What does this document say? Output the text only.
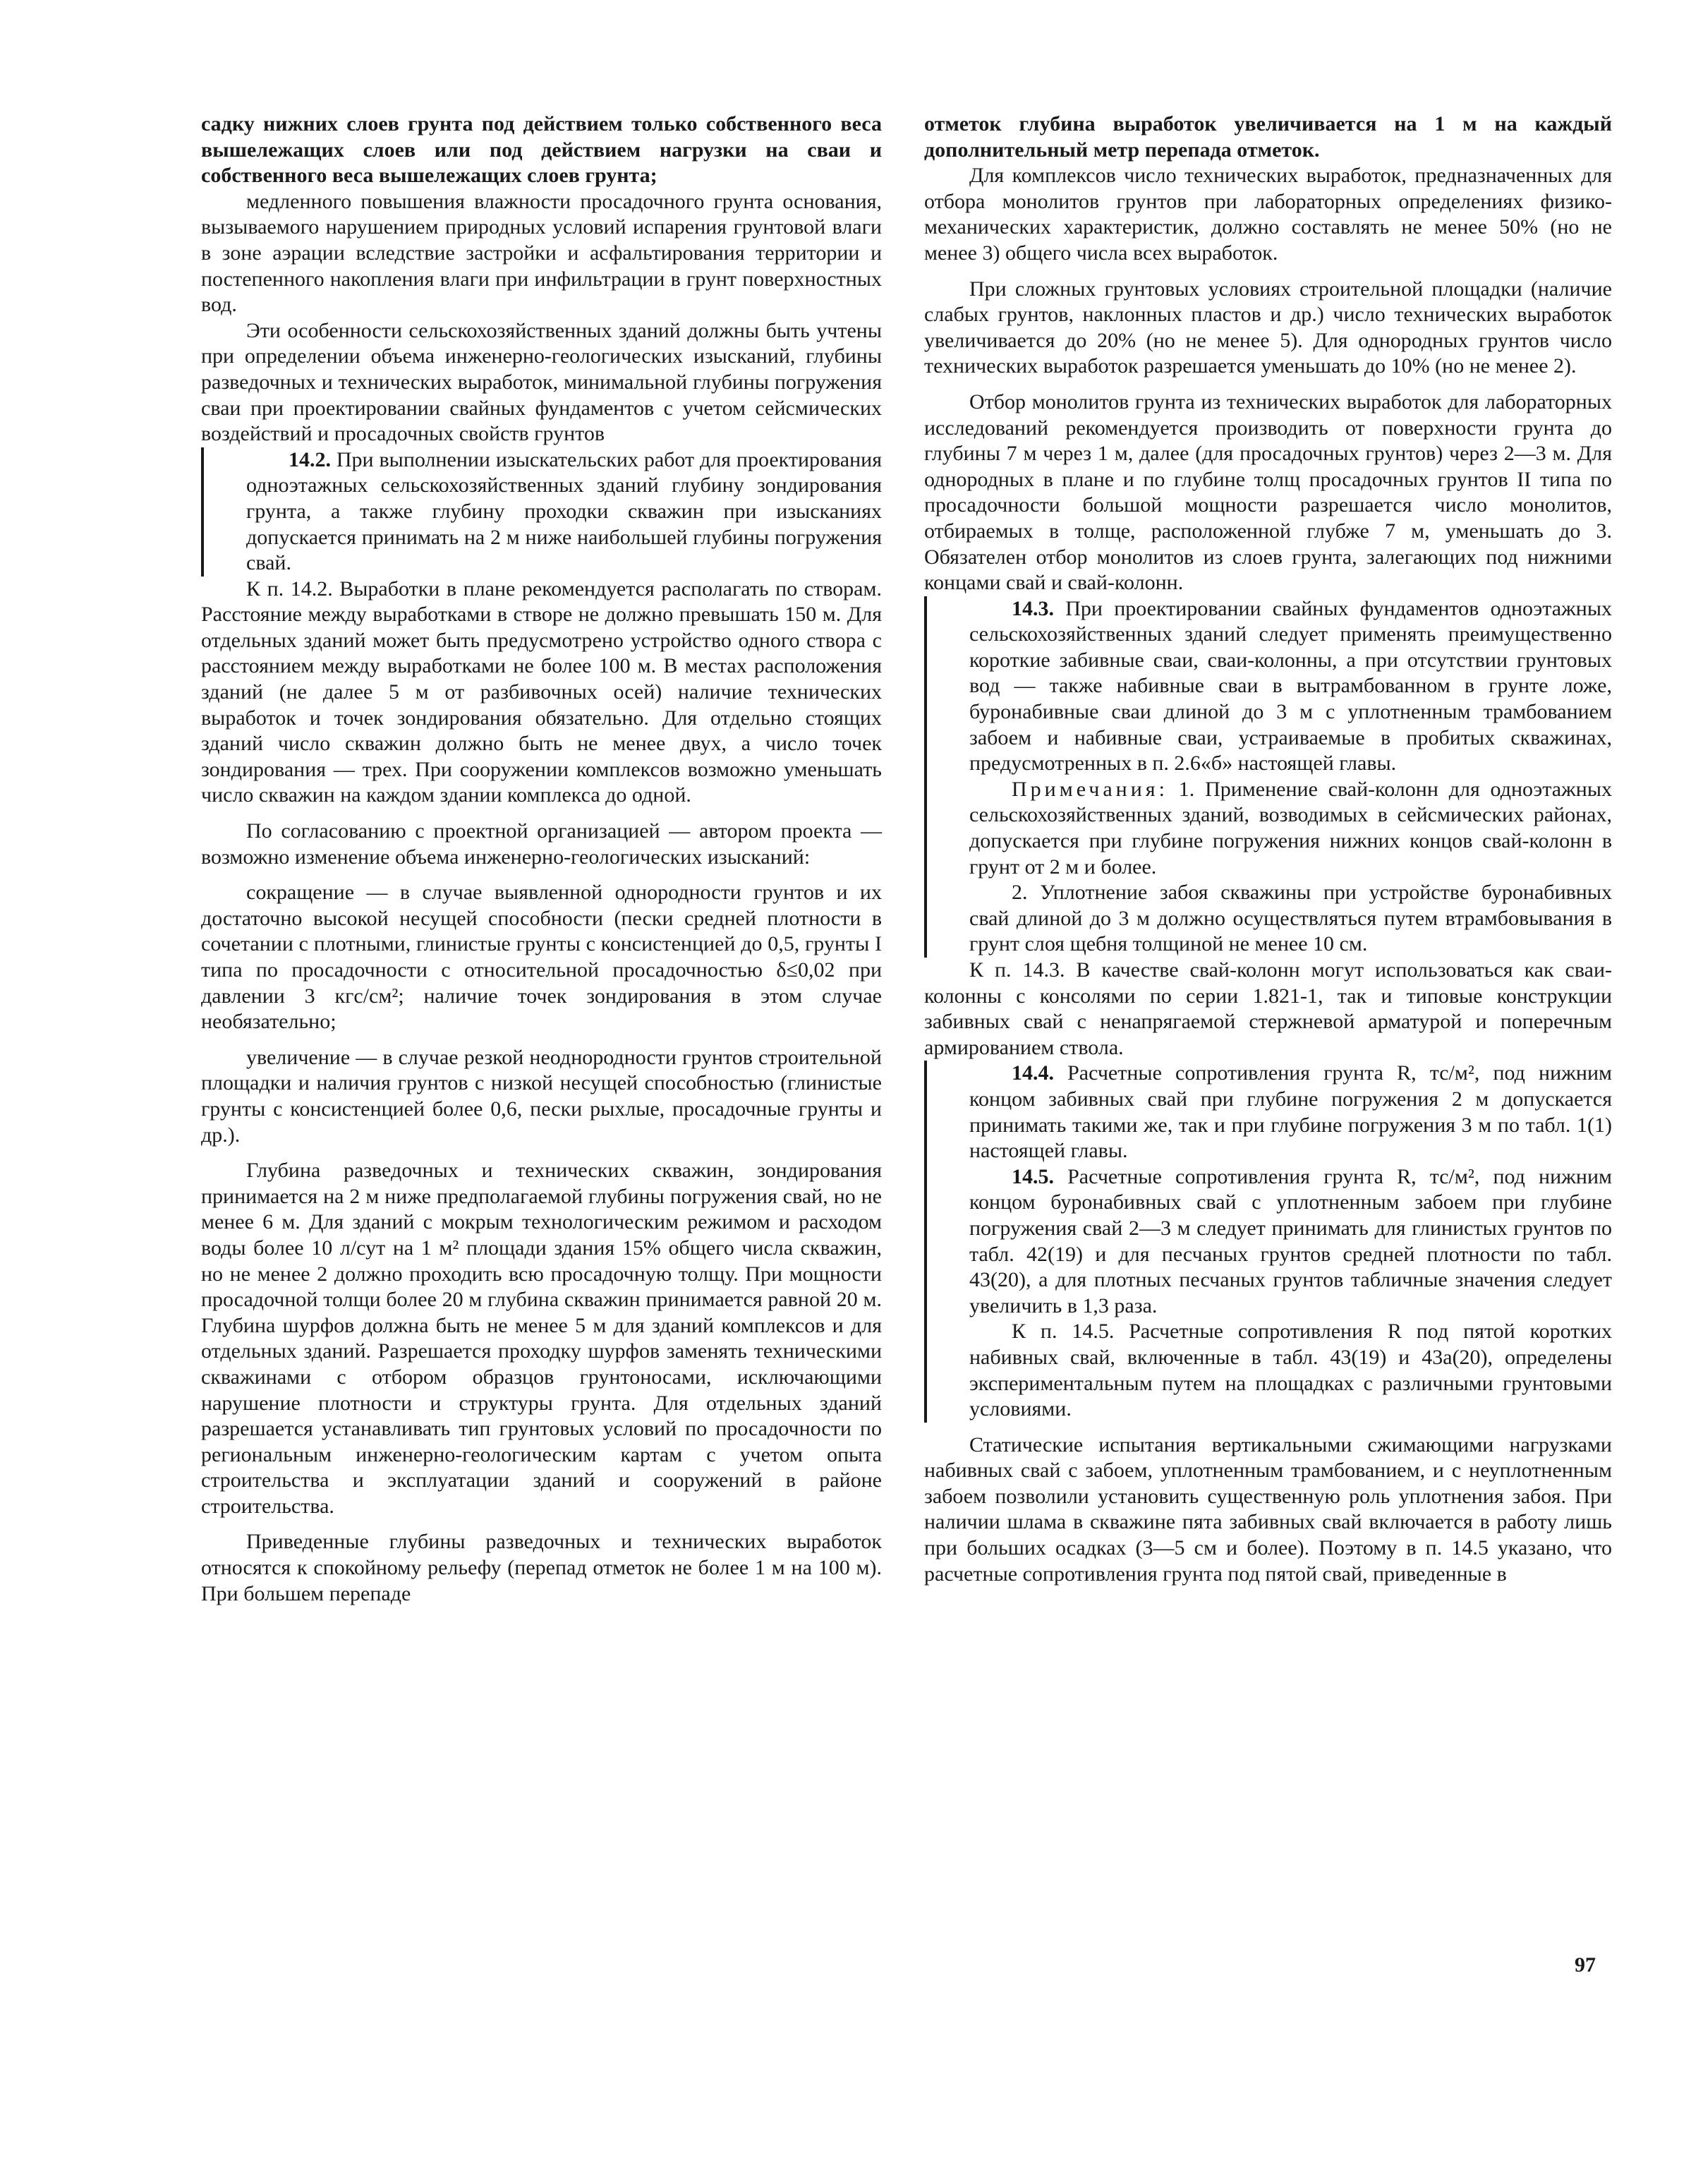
садку нижних слоев грунта под действием только собственного веса вышележащих слоев или под действием нагрузки на сваи и собственного веса вышележащих слоев грунта;

медленного повышения влажности просадочного грунта основания, вызываемого нарушением природных условий испарения грунтовой влаги в зоне аэрации вследствие застройки и асфальтирования территории и постепенного накопления влаги при инфильтрации в грунт поверхностных вод.

Эти особенности сельскохозяйственных зданий должны быть учтены при определении объема инженерно-геологических изысканий, глубины разведочных и технических выработок, минимальной глубины погружения сваи при проектировании свайных фундаментов с учетом сейсмических воздействий и просадочных свойств грунтов

14.2. При выполнении изыскательских работ для проектирования одноэтажных сельскохозяйственных зданий глубину зондирования грунта, а также глубину проходки скважин при изысканиях допускается принимать на 2 м ниже наибольшей глубины погружения свай.

К п. 14.2. Выработки в плане рекомендуется располагать по створам. Расстояние между выработками в створе не должно превышать 150 м. Для отдельных зданий может быть предусмотрено устройство одного створа с расстоянием между выработками не более 100 м. В местах расположения зданий (не далее 5 м от разбивочных осей) наличие технических выработок и точек зондирования обязательно. Для отдельно стоящих зданий число скважин должно быть не менее двух, а число точек зондирования — трех. При сооружении комплексов возможно уменьшать число скважин на каждом здании комплекса до одной.

По согласованию с проектной организацией — автором проекта — возможно изменение объема инженерно-геологических изысканий:

сокращение — в случае выявленной однородности грунтов и их достаточно высокой несущей способности (пески средней плотности в сочетании с плотными, глинистые грунты с консистенцией до 0,5, грунты I типа по просадочности с относительной просадочностью δ≤0,02 при давлении 3 кгс/см²; наличие точек зондирования в этом случае необязательно;

увеличение — в случае резкой неоднородности грунтов строительной площадки и наличия грунтов с низкой несущей способностью (глинистые грунты с консистенцией более 0,6, пески рыхлые, просадочные грунты и др.).

Глубина разведочных и технических скважин, зондирования принимается на 2 м ниже предполагаемой глубины погружения свай, но не менее 6 м. Для зданий с мокрым технологическим режимом и расходом воды более 10 л/сут на 1 м² площади здания 15% общего числа скважин, но не менее 2 должно проходить всю просадочную толщу. При мощности просадочной толщи более 20 м глубина скважин принимается равной 20 м. Глубина шурфов должна быть не менее 5 м для зданий комплексов и для отдельных зданий. Разрешается проходку шурфов заменять техническими скважинами с отбором образцов грунтоносами, исключающими нарушение плотности и структуры грунта. Для отдельных зданий разрешается устанавливать тип грунтовых условий по просадочности по региональным инженерно-геологическим картам с учетом опыта строительства и эксплуатации зданий и сооружений в районе строительства.

Приведенные глубины разведочных и технических выработок относятся к спокойному рельефу (перепад отметок не более 1 м на 100 м). При большем перепаде

отметок глубина выработок увеличивается на 1 м на каждый дополнительный метр перепада отметок.

Для комплексов число технических выработок, предназначенных для отбора монолитов грунтов при лабораторных определениях физико-механических характеристик, должно составлять не менее 50% (но не менее 3) общего числа всех выработок.

При сложных грунтовых условиях строительной площадки (наличие слабых грунтов, наклонных пластов и др.) число технических выработок увеличивается до 20% (но не менее 5). Для однородных грунтов число технических выработок разрешается уменьшать до 10% (но не менее 2).

Отбор монолитов грунта из технических выработок для лабораторных исследований рекомендуется производить от поверхности грунта до глубины 7 м через 1 м, далее (для просадочных грунтов) через 2—3 м. Для однородных в плане и по глубине толщ просадочных грунтов II типа по просадочности большой мощности разрешается число монолитов, отбираемых в толще, расположенной глубже 7 м, уменьшать до 3. Обязателен отбор монолитов из слоев грунта, залегающих под нижними концами свай и свай-колонн.

14.3. При проектировании свайных фундаментов одноэтажных сельскохозяйственных зданий следует применять преимущественно короткие забивные сваи, сваи-колонны, а при отсутствии грунтовых вод — также набивные сваи в вытрамбованном в грунте ложе, буронабивные сваи длиной до 3 м с уплотненным трамбованием забоем и набивные сваи, устраиваемые в пробитых скважинах, предусмотренных в п. 2.6«б» настоящей главы.

Примечания: 1. Применение свай-колонн для одноэтажных сельскохозяйственных зданий, возводимых в сейсмических районах, допускается при глубине погружения нижних концов свай-колонн в грунт от 2 м и более.

2. Уплотнение забоя скважины при устройстве буронабивных свай длиной до 3 м должно осуществляться путем втрамбовывания в грунт слоя щебня толщиной не менее 10 см.

К п. 14.3. В качестве свай-колонн могут использоваться как сваи-колонны с консолями по серии 1.821-1, так и типовые конструкции забивных свай с ненапрягаемой стержневой арматурой и поперечным армированием ствола.

14.4. Расчетные сопротивления грунта R, тс/м², под нижним концом забивных свай при глубине погружения 2 м допускается принимать такими же, так и при глубине погружения 3 м по табл. 1(1) настоящей главы.

14.5. Расчетные сопротивления грунта R, тс/м², под нижним концом буронабивных свай с уплотненным забоем при глубине погружения свай 2—3 м следует принимать для глинистых грунтов по табл. 42(19) и для песчаных грунтов средней плотности по табл. 43(20), а для плотных песчаных грунтов табличные значения следует увеличить в 1,3 раза.

К п. 14.5. Расчетные сопротивления R под пятой коротких набивных свай, включенные в табл. 43(19) и 43а(20), определены экспериментальным путем на площадках с различными грунтовыми условиями.

Статические испытания вертикальными сжимающими нагрузками набивных свай с забоем, уплотненным трамбованием, и с неуплотненным забоем позволили установить существенную роль уплотнения забоя. При наличии шлама в скважине пята забивных свай включается в работу лишь при больших осадках (3—5 см и более). Поэтому в п. 14.5 указано, что расчетные сопротивления грунта под пятой свай, приведенные в

97
